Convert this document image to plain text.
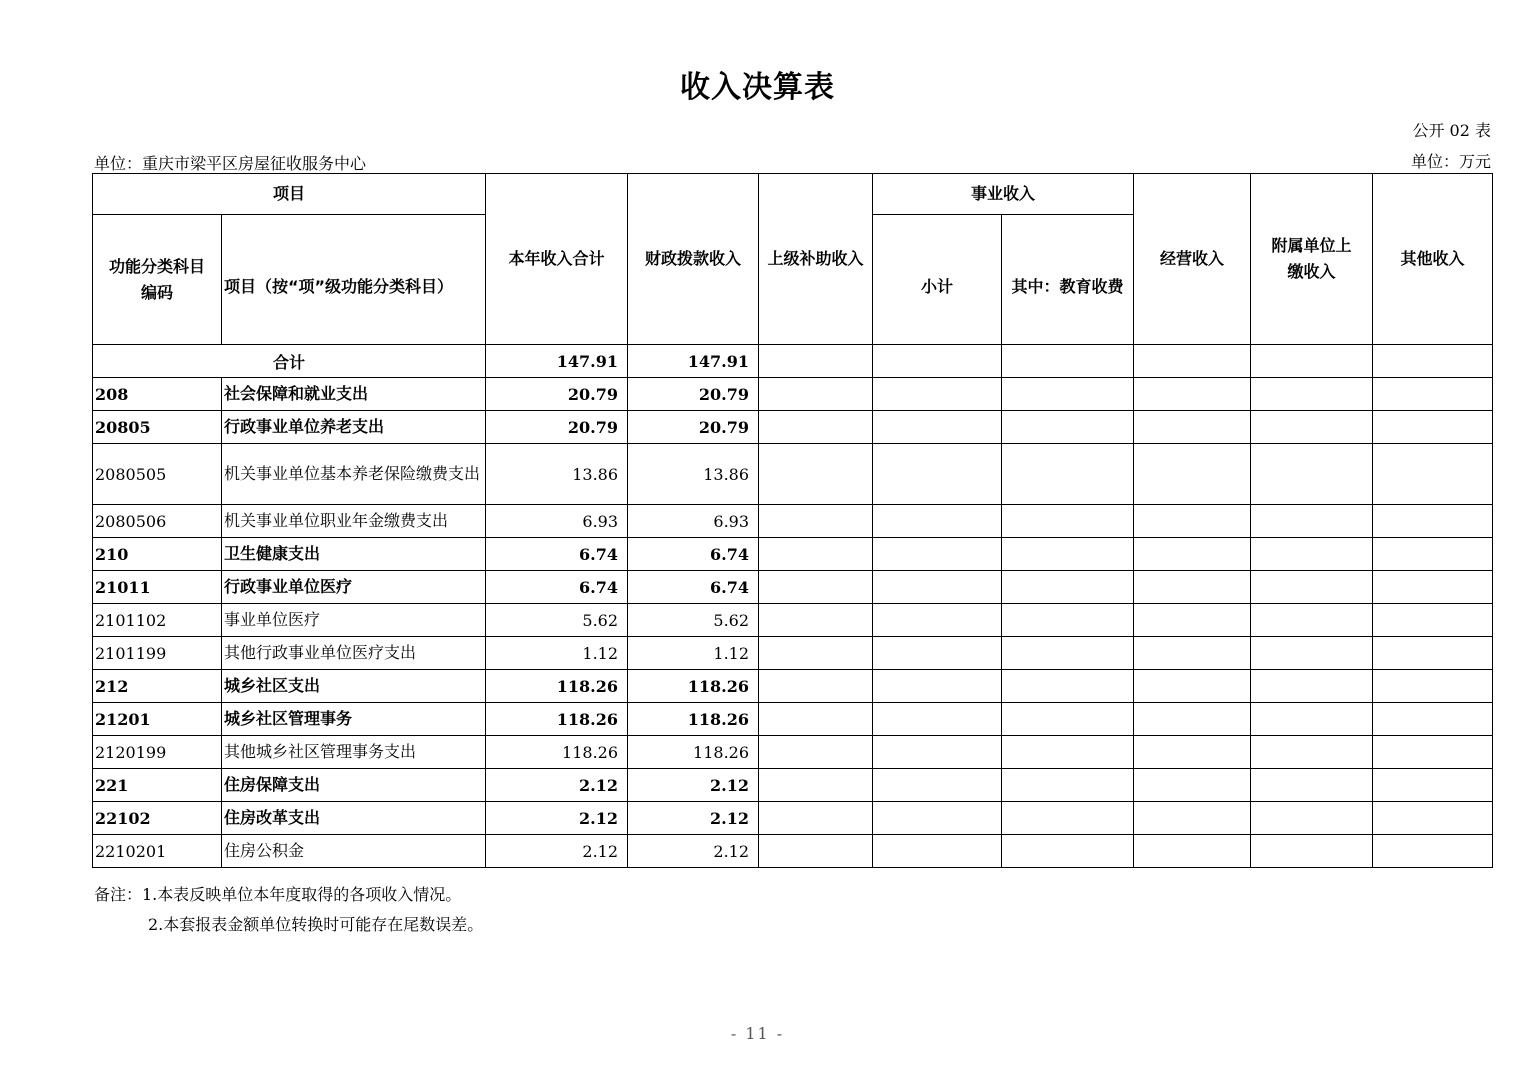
收入决算表
公开 02 表
单位：重庆市梁平区房屋征收服务中心	单位：万元
项目		本年收入合计	财政拨款收入	上级补助收入	事业收入		经营收入	附属单位上缴收入	其他收入
功能分类科目编码	项目（按“项”级功能分类科目）				小计	其中：教育收费			
合计		147.91	147.91						
208	社会保障和就业支出	20.79	20.79						
20805	行政事业单位养老支出	20.79	20.79						
2080505	机关事业单位基本养老保险缴费支出	13.86	13.86						
2080506	机关事业单位职业年金缴费支出	6.93	6.93						
210	卫生健康支出	6.74	6.74						
21011	行政事业单位医疗	6.74	6.74						
2101102	事业单位医疗	5.62	5.62						
2101199	其他行政事业单位医疗支出	1.12	1.12						
212	城乡社区支出	118.26	118.26						
21201	城乡社区管理事务	118.26	118.26						
2120199	其他城乡社区管理事务支出	118.26	118.26						
221	住房保障支出	2.12	2.12						
22102	住房改革支出	2.12	2.12						
2210201	住房公积金	2.12	2.12						
备注：1.本表反映单位本年度取得的各项收入情况。
2.本套报表金额单位转换时可能存在尾数误差。
- 11 -
